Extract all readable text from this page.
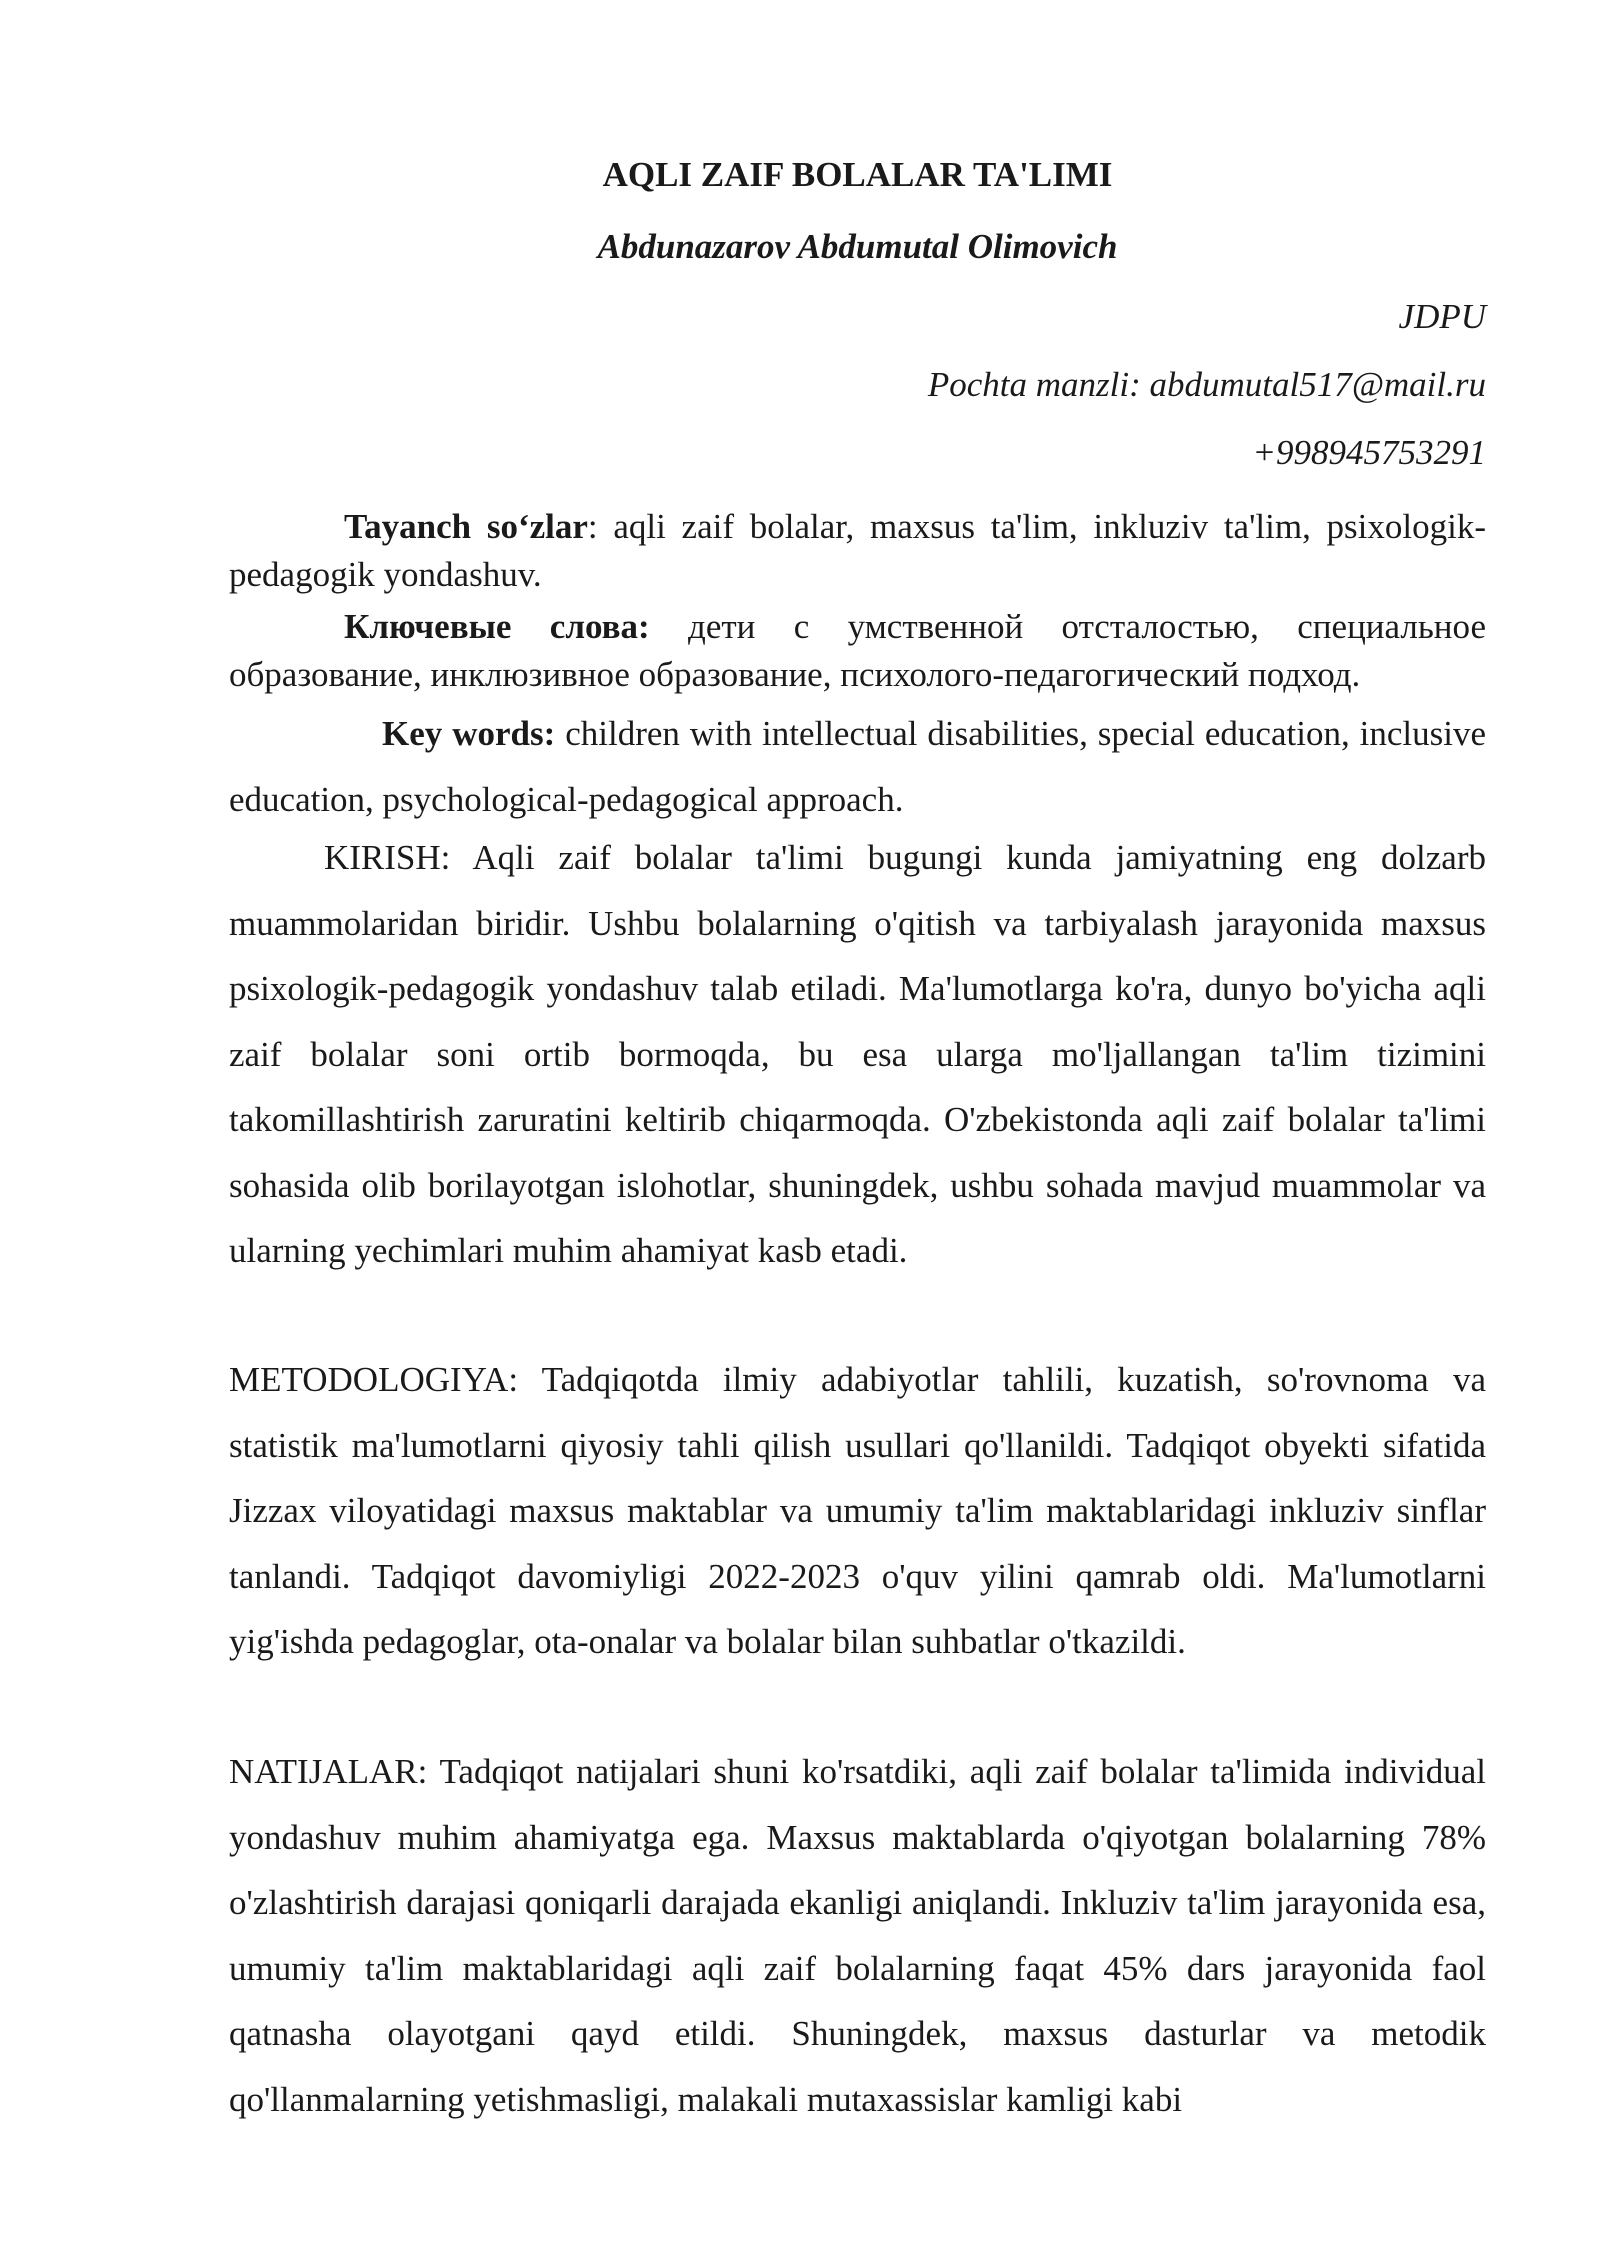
AQLI ZAIF BOLALAR TA'LIMI
Abdunazarov Abdumutal Olimovich
JDPU
Pochta manzli: abdumutal517@mail.ru
+998945753291
Tayanch so‘zlar: aqli zaif bolalar, maxsus ta'lim, inkluziv ta'lim, psixologik-pedagogik yondashuv.
Ключевые слова: дети с умственной отсталостью, специальное образование, инклюзивное образование, психолого-педагогический подход.
Key words: children with intellectual disabilities, special education, inclusive education, psychological-pedagogical approach.
KIRISH: Aqli zaif bolalar ta'limi bugungi kunda jamiyatning eng dolzarb muammolaridan biridir. Ushbu bolalarning o'qitish va tarbiyalash jarayonida maxsus psixologik-pedagogik yondashuv talab etiladi. Ma'lumotlarga ko'ra, dunyo bo'yicha aqli zaif bolalar soni ortib bormoqda, bu esa ularga mo'ljallangan ta'lim tizimini takomillashtirish zaruratini keltirib chiqarmoqda. O'zbekistonda aqli zaif bolalar ta'limi sohasida olib borilayotgan islohotlar, shuningdek, ushbu sohada mavjud muammolar va ularning yechimlari muhim ahamiyat kasb etadi.
METODOLOGIYA: Tadqiqotda ilmiy adabiyotlar tahlili, kuzatish, so'rovnoma va statistik ma'lumotlarni qiyosiy tahli qilish usullari qo'llanildi. Tadqiqot obyekti sifatida Jizzax viloyatidagi maxsus maktablar va umumiy ta'lim maktablaridagi inkluziv sinflar tanlandi. Tadqiqot davomiyligi 2022-2023 o'quv yilini qamrab oldi. Ma'lumotlarni yig'ishda pedagoglar, ota-onalar va bolalar bilan suhbatlar o'tkazildi.
NATIJALAR: Tadqiqot natijalari shuni ko'rsatdiki, aqli zaif bolalar ta'limida individual yondashuv muhim ahamiyatga ega. Maxsus maktablarda o'qiyotgan bolalarning 78% o'zlashtirish darajasi qoniqarli darajada ekanligi aniqlandi. Inkluziv ta'lim jarayonida esa, umumiy ta'lim maktablaridagi aqli zaif bolalarning faqat 45% dars jarayonida faol qatnasha olayotgani qayd etildi. Shuningdek, maxsus dasturlar va metodik qo'llanmalarning yetishmasligi, malakali mutaxassislar kamligi kabi
